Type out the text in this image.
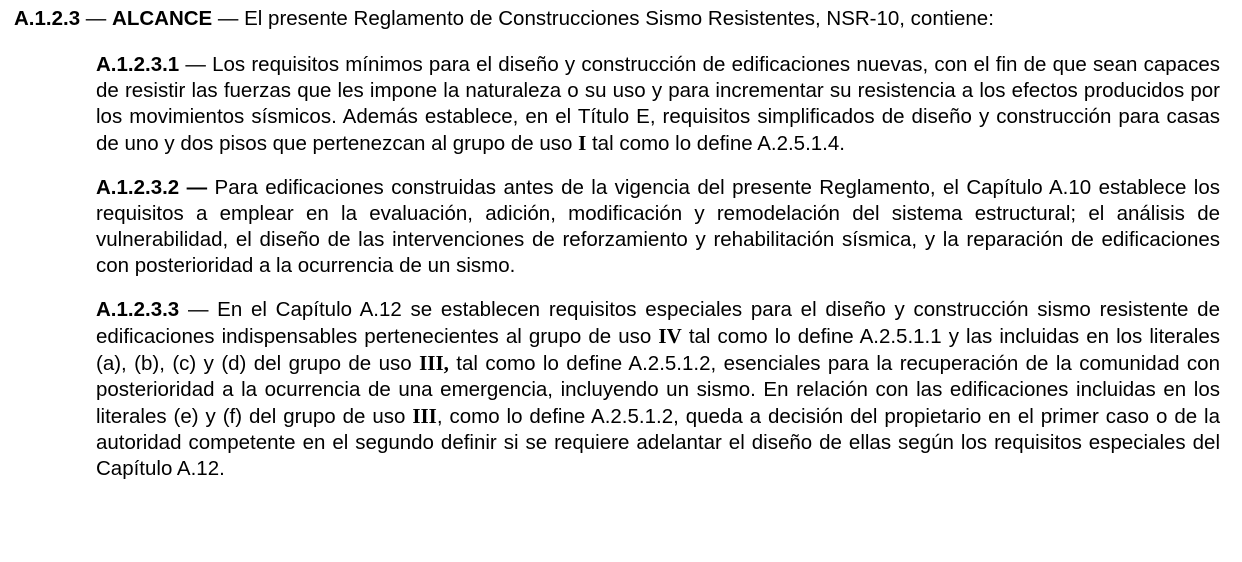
A.1.2.3 — ALCANCE — El presente Reglamento de Construcciones Sismo Resistentes, NSR-10, contiene:

A.1.2.3.1 — Los requisitos mínimos para el diseño y construcción de edificaciones nuevas, con el fin de que sean capaces de resistir las fuerzas que les impone la naturaleza o su uso y para incrementar su resistencia a los efectos producidos por los movimientos sísmicos. Además establece, en el Título E, requisitos simplificados de diseño y construcción para casas de uno y dos pisos que pertenezcan al grupo de uso I tal como lo define A.2.5.1.4.

A.1.2.3.2 — Para edificaciones construidas antes de la vigencia del presente Reglamento, el Capítulo A.10 establece los requisitos a emplear en la evaluación, adición, modificación y remodelación del sistema estructural; el análisis de vulnerabilidad, el diseño de las intervenciones de reforzamiento y rehabilitación sísmica, y la reparación de edificaciones con posterioridad a la ocurrencia de un sismo.

A.1.2.3.3 — En el Capítulo A.12 se establecen requisitos especiales para el diseño y construcción sismo resistente de edificaciones indispensables pertenecientes al grupo de uso IV tal como lo define A.2.5.1.1 y las incluidas en los literales (a), (b), (c) y (d) del grupo de uso III, tal como lo define A.2.5.1.2, esenciales para la recuperación de la comunidad con posterioridad a la ocurrencia de una emergencia, incluyendo un sismo. En relación con las edificaciones incluidas en los literales (e) y (f) del grupo de uso III, como lo define A.2.5.1.2, queda a decisión del propietario en el primer caso o de la autoridad competente en el segundo definir si se requiere adelantar el diseño de ellas según los requisitos especiales del Capítulo A.12.
